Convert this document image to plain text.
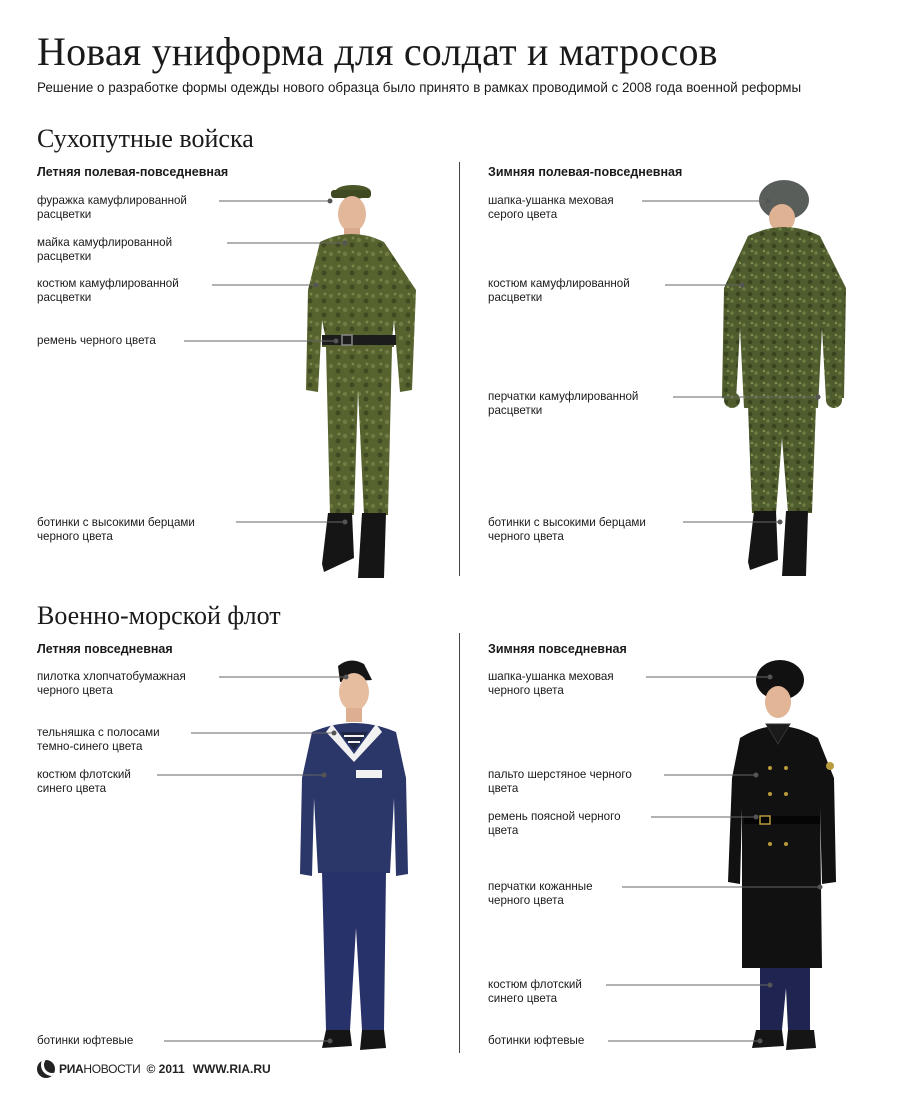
Новая униформа для солдат и матросов

Решение о разработке формы одежды нового образца было принято в рамках проводимой с 2008 года военной реформы

Сухопутные войска
Летняя полевая-повседневная	Зимняя полевая-повседневная
Военно-морской флот
Летняя повседневная	Зимняя повседневная
фуражка камуфлированной
расцветки
майка камуфлированной
расцветки
костюм камуфлированной
расцветки
ремень черного цвета
ботинки с высокими берцами
черного цвета
шапка-ушанка меховая
серого цвета
костюм камуфлированной
расцветки
перчатки камуфлированной
расцветки
ботинки с высокими берцами
черного цвета
пилотка хлопчатобумажная
черного цвета
тельняшка с полосами
темно-синего цвета
костюм флотский
синего цвета
ботинки юфтевые
шапка-ушанка меховая
черного цвета
пальто шерстяное черного
цвета
ремень поясной черного
цвета
перчатки кожанные
черного цвета
костюм флотский
синего цвета
ботинки юфтевые
РИА НОВОСТИ © 2011 WWW.RIA.RU
